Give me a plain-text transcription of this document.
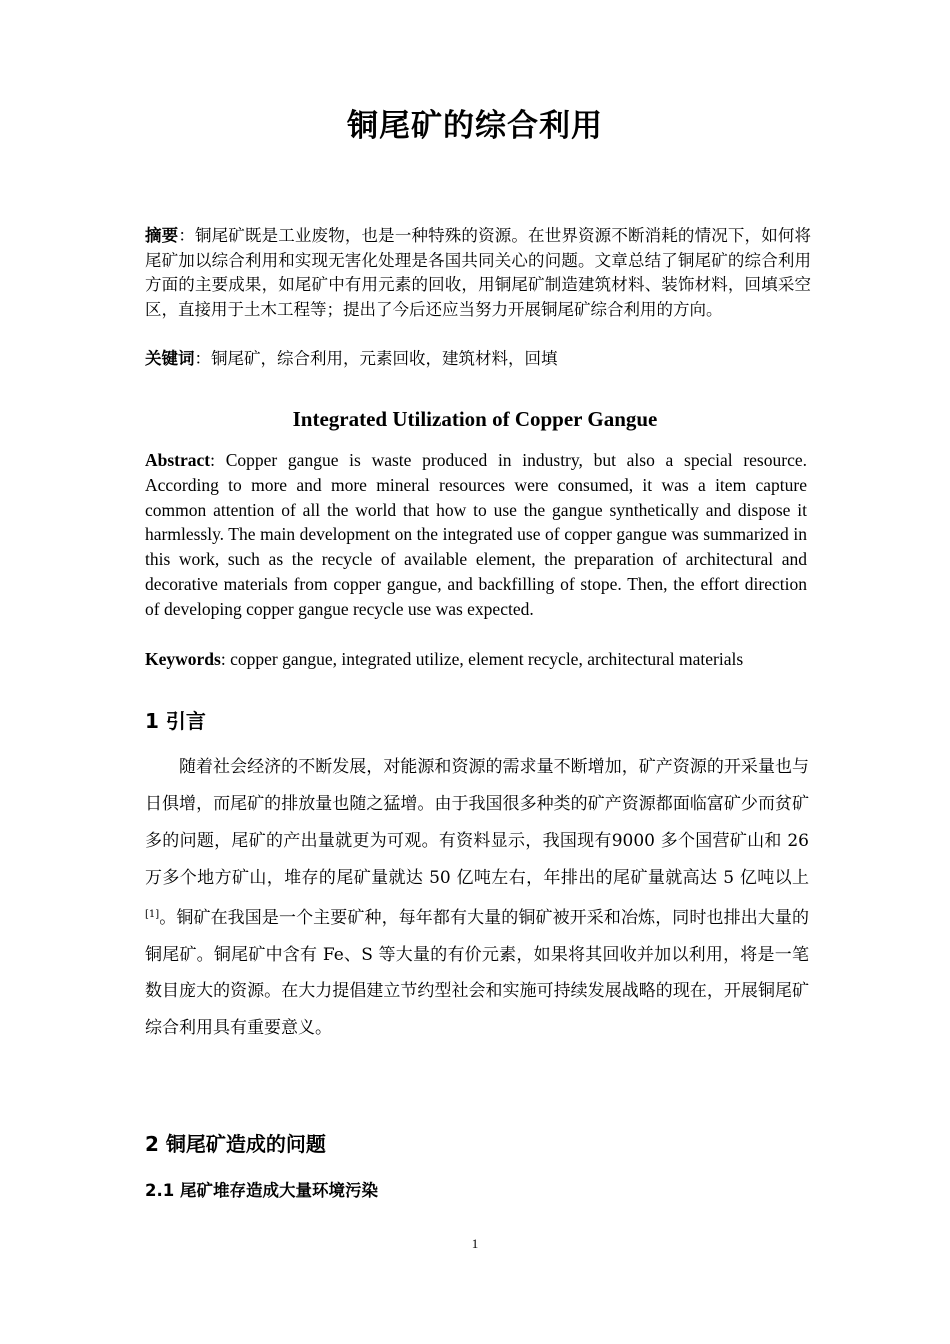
铜尾矿的综合利用
摘要：铜尾矿既是工业废物，也是一种特殊的资源。在世界资源不断消耗的情况下，如何将尾矿加以综合利用和实现无害化处理是各国共同关心的问题。文章总结了铜尾矿的综合利用方面的主要成果，如尾矿中有用元素的回收，用铜尾矿制造建筑材料、装饰材料，回填采空区，直接用于土木工程等；提出了今后还应当努力开展铜尾矿综合利用的方向。
关键词：铜尾矿，综合利用，元素回收，建筑材料，回填
Integrated Utilization of Copper Gangue
Abstract: Copper gangue is waste produced in industry, but also a special resource. According to more and more mineral resources were consumed, it was a item capture common attention of all the world that how to use the gangue synthetically and dispose it harmlessly. The main development on the integrated use of copper gangue was summarized in this work, such as the recycle of available element, the preparation of architectural and decorative materials from copper gangue, and backfilling of stope. Then, the effort direction of developing copper gangue recycle use was expected.
Keywords: copper gangue, integrated utilize, element recycle, architectural materials
1 引言
随着社会经济的不断发展，对能源和资源的需求量不断增加，矿产资源的开采量也与日俱增，而尾矿的排放量也随之猛增。由于我国很多种类的矿产资源都面临富矿少而贫矿多的问题，尾矿的产出量就更为可观。有资料显示，我国现有9000 多个国营矿山和 26 万多个地方矿山，堆存的尾矿量就达 50 亿吨左右，年排出的尾矿量就高达 5 亿吨以上[1]。铜矿在我国是一个主要矿种，每年都有大量的铜矿被开采和冶炼，同时也排出大量的铜尾矿。铜尾矿中含有 Fe、S 等大量的有价元素，如果将其回收并加以利用，将是一笔数目庞大的资源。在大力提倡建立节约型社会和实施可持续发展战略的现在，开展铜尾矿综合利用具有重要意义。
2 铜尾矿造成的问题
2.1 尾矿堆存造成大量环境污染
1
